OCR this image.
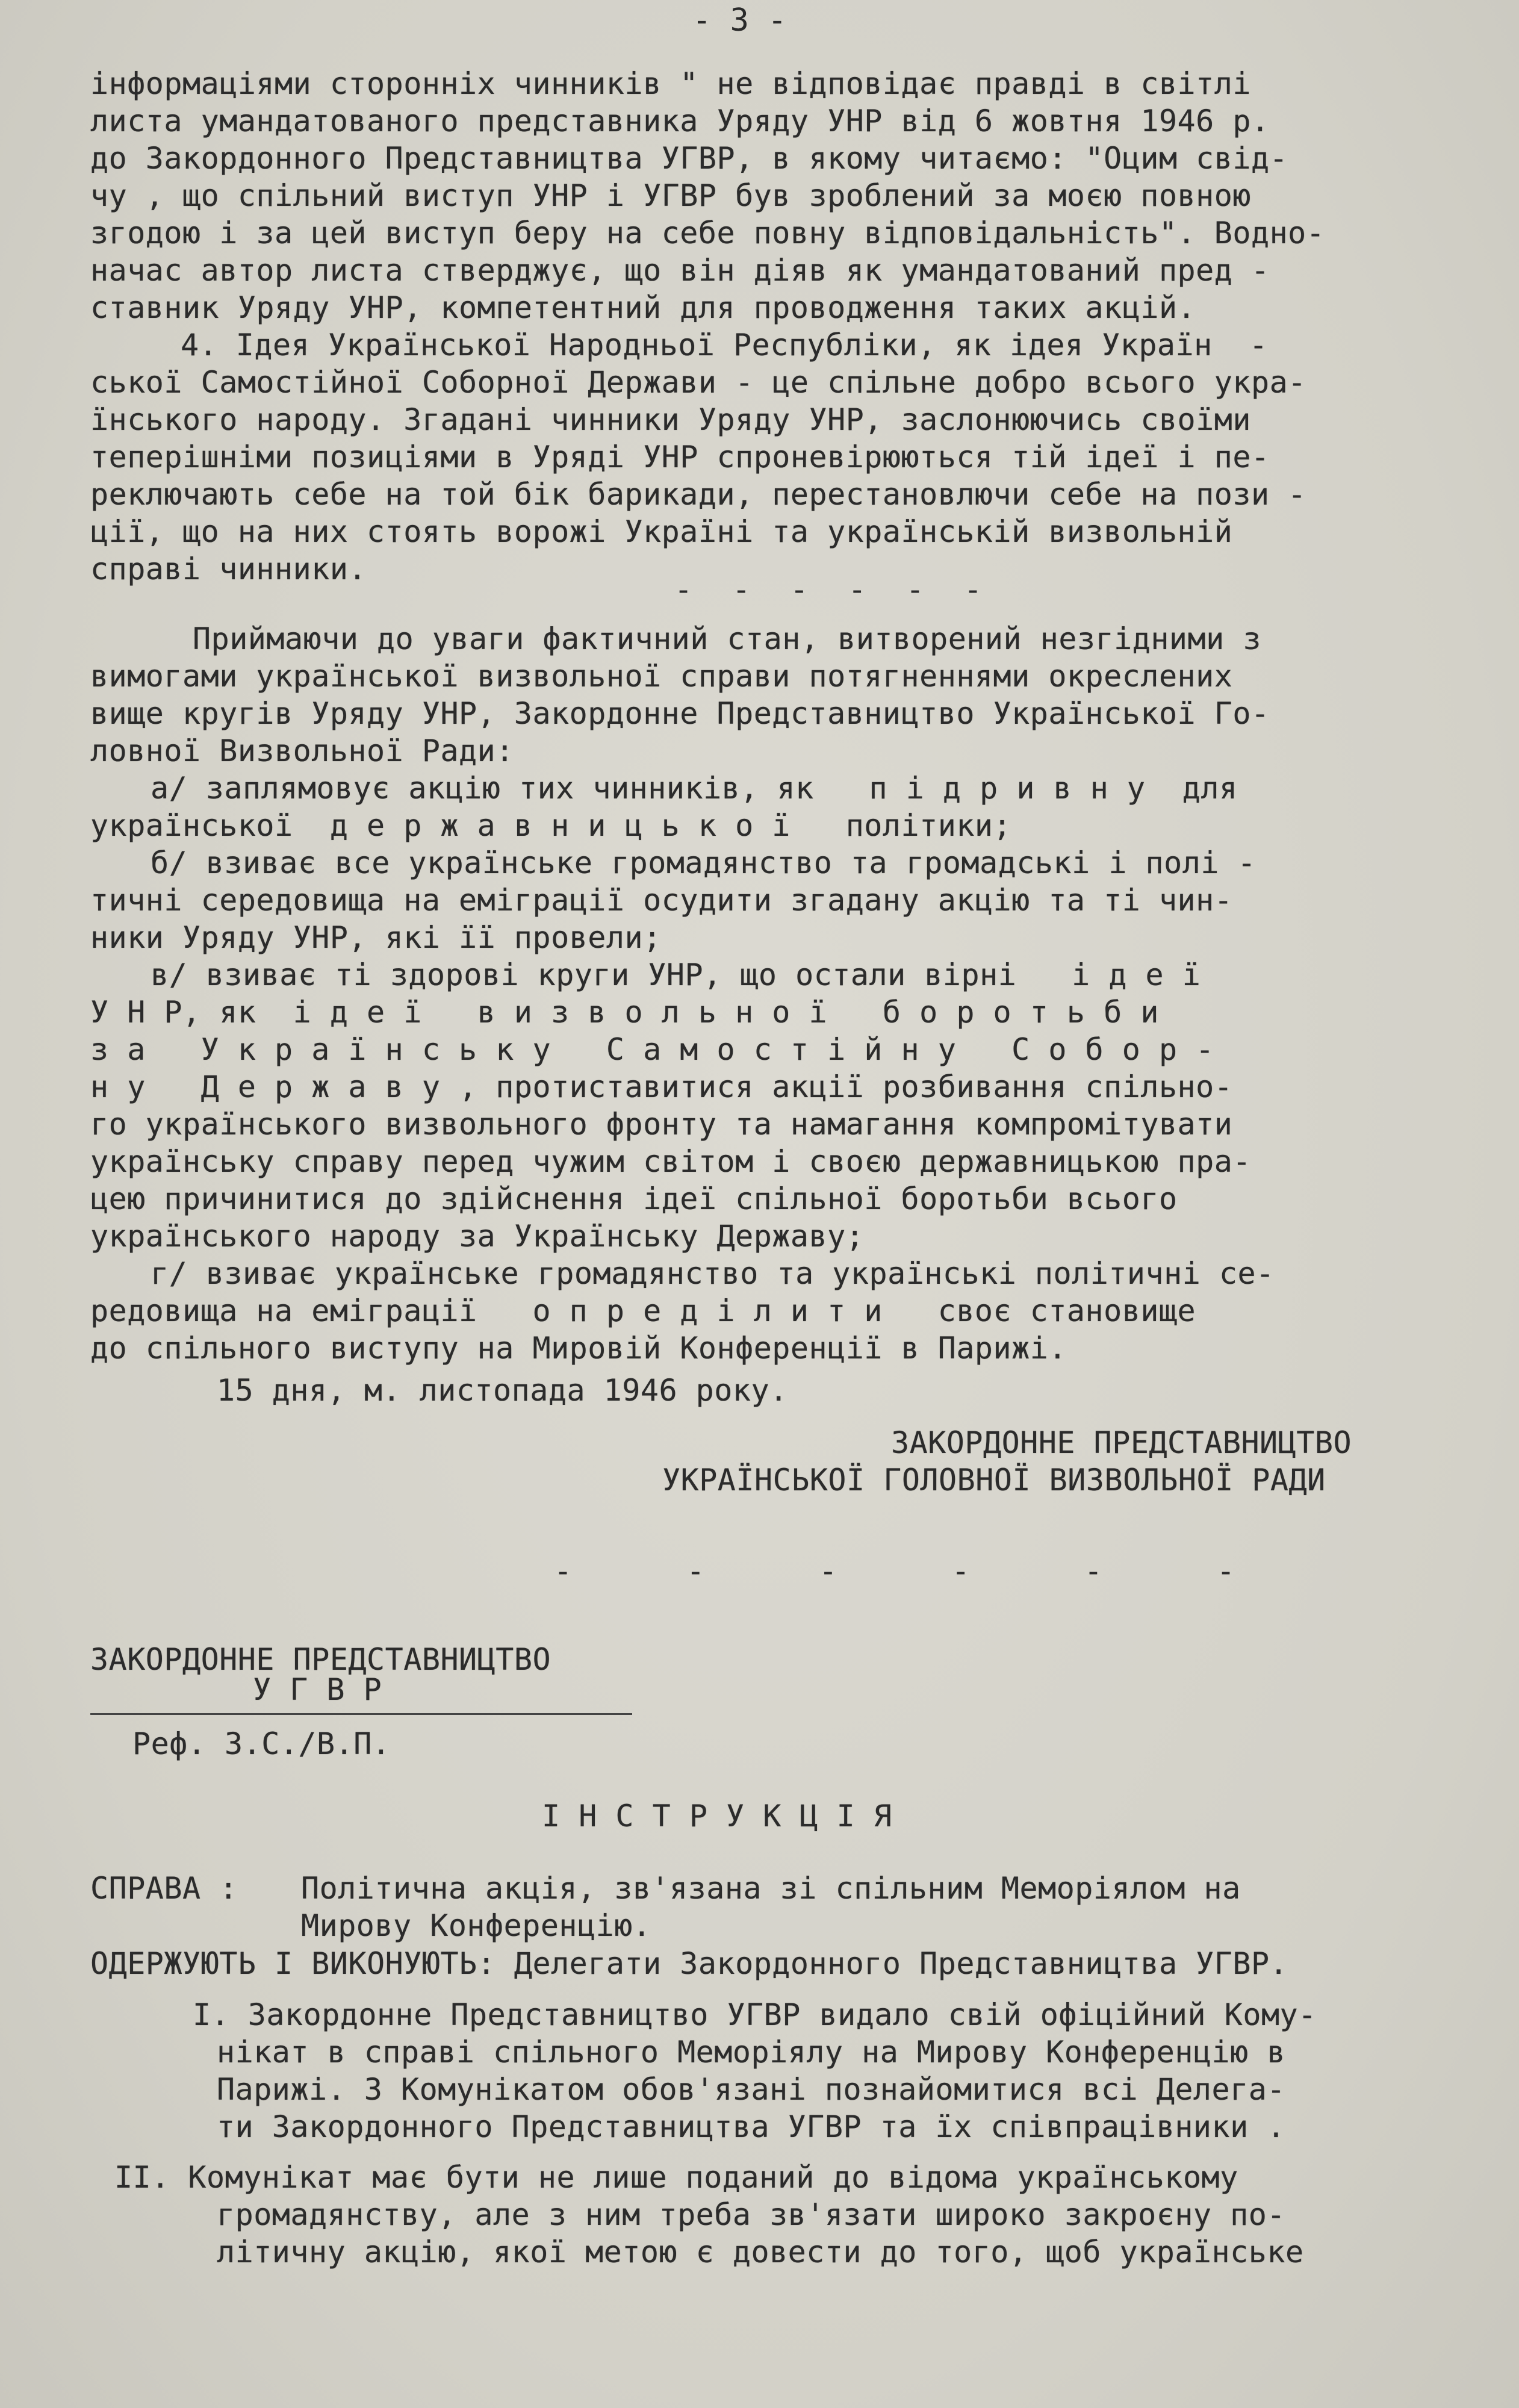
- 3 -
інформаціями сторонніх чинників " не відповідає правді в світлі
листа умандатованого представника Уряду УНР від 6 жовтня 1946 р.
до Закордонного Представництва УГВР, в якому читаємо: "Оцим свід-
чу , що спільний виступ УНР і УГВР був зроблений за моєю повною
згодою і за цей виступ беру на себе повну відповідальність". Водно-
начас автор листа стверджує, що він діяв як умандатований пред -
ставник Уряду УНР, компетентний для проводження таких акцій.
4. Ідея Української Народньої Республіки, як ідея Україн  -
ської Самостійної Соборної Держави - це спільне добро всього укра-
їнського народу. Згадані чинники Уряду УНР, заслонюючись своїми
теперішніми позиціями в Уряді УНР спроневірюються тій ідеї і пе-
реключають себе на той бік барикади, перестановлючи себе на пози -
ції, що на них стоять ворожі Україні та українській визвольній
справі чинники.
- - - - - -
Приймаючи до уваги фактичний стан, витворений незгідними з
вимогами української визвольної справи потягненнями окреслених
вище кругів Уряду УНР, Закордонне Представництво Української Го-
ловної Визвольної Ради:
а/ заплямовує акцію тих чинників, як   п і д р и в н у  для
української  д е р ж а в н и ц ь к о ї   політики;
б/ взиває все українське громадянство та громадські і полі -
тичні середовища на еміграції осудити згадану акцію та ті чин-
ники Уряду УНР, які її провели;
в/ взиває ті здорові круги УНР, що остали вірні   і д е ї
У Н Р, як  і д е ї   в и з в о л ь н о ї   б о р о т ь б и
з а   У к р а ї н с ь к у   С а м о с т і й н у   С о б о р -
н у   Д е р ж а в у , протиставитися акції розбивання спільно-
го українського визвольного фронту та намагання компромітувати
українську справу перед чужим світом і своєю державницькою пра-
цею причинитися до здійснення ідеї спільної боротьби всього
українського народу за Українську Державу;
г/ взиває українське громадянство та українські політичні се-
редовища на еміграції   о п р е д і л и т и   своє становище
до спільного виступу на Мировій Конференції в Парижі.
15 дня, м. листопада 1946 року.
ЗАКОРДОННЕ ПРЕДСТАВНИЦТВО
УКРАЇНСЬКОЇ ГОЛОВНОЇ ВИЗВОЛЬНОЇ РАДИ
- - - - - -
ЗАКОРДОННЕ ПРЕДСТАВНИЦТВО
У Г В Р
Реф. З.С./В.П.
І Н С Т Р У К Ц І Я
СПРАВА : Політична акція, зв'язана зі спільним Меморіялом на
Мирову Конференцію.
ОДЕРЖУЮТЬ І ВИКОНУЮТЬ: Делегати Закордонного Представництва УГВР.
І. Закордонне Представництво УГВР видало свій офіційний Кому-
нікат в справі спільного Меморіялу на Мирову Конференцію в
Парижі. З Комунікатом обов'язані познайомитися всі Делега-
ти Закордонного Представництва УГВР та їх співпрацівники .
ІІ. Комунікат має бути не лише поданий до відома українському
громадянству, але з ним треба зв'язати широко закроєну по-
літичну акцію, якої метою є довести до того, щоб українське
